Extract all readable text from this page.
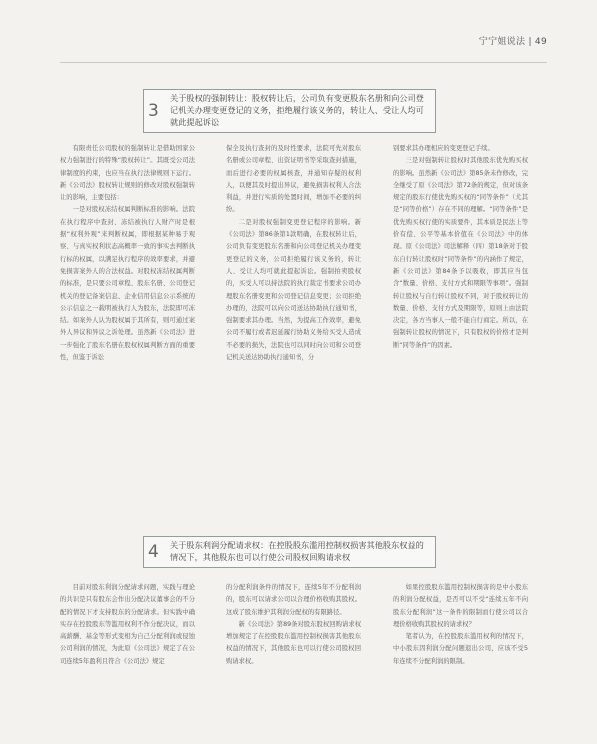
宁宁姐说法 | 49
3
关于股权的强制转让：股权转让后，公司负有变更股东名册和向公司登记机关办理变更登记的义务，拒绝履行该义务的，转让人、受让人均可就此提起诉讼

有限责任公司股权的强制转让是借助国家公权力强制进行的特殊“股权转让”。其既受公司法律制度的约束，也应当在执行法律规则下运行。新《公司法》股权转让规则的修改对股权强制转让的影响，主要包括：

一是对股权冻结权属判断标准的影响。法院在执行程序中查封、冻结被执行人财产时是根据“权利外观”来判断权属，即根据某种易于观察、与真实权利状态高概率一致的事实去判断执行标的权属，以满足执行程序的效率要求，并避免损害案外人的合法权益。对股权冻结权属判断的标准，是只要公司章程、股东名册、公司登记机关的登记备案信息、企业信用信息公示系统的公示信息之一载明被执行人为股东，法院即可冻结。如案外人认为股权属于其所有，则可通过案外人异议和异议之诉处理。虽然新《公司法》进一步强化了股东名册在股权权属判断方面的重要性，但鉴于诉讼

保全及执行查封的及时性要求，法院可先对股东名册或公司章程、出资证明书等采取查封措施，而后进行必要的权属核查，并通知存疑的权利人，以便其及时提出异议，避免损害权利人合法利益，并进行实质的处置时间，增加不必要的纠纷。

二是对股权强制变更登记程序的影响。新《公司法》第86条第1款明确，在股权转让后，公司负有变更股东名册和向公司登记机关办理变更登记的义务，公司拒绝履行该义务的，转让人、受让人均可就此提起诉讼。强制拍卖股权的，买受人可以持法院的执行裁定书要求公司办理股东名册变更和公司登记信息变更；公司拒绝办理的，法院可以向公司送达协助执行通知书，强制要求其办理。当然，为提高工作效率，避免公司不履行或者迟延履行协助义务给买受人造成不必要的损失，法院也可以同时向公司和公司登记机关送达协助执行通知书，分

别要求其办理相应的变更登记手续。

三是对强制转让股权时其他股东优先购买权的影响。虽然新《公司法》第85条未作修改，完全继受了原《公司法》第72条的规定，但对该条规定的股东行使优先购买权的“同等条件”（尤其是“同等价格”）存在不同的理解。“同等条件”是优先购买权行使的实质要件，其本质是民法上等价有偿、公平等基本价值在《公司法》中的体现。原《公司法》司法解释（四）第18条对于股东自行转让股权时“同等条件”的内涵作了规定，新《公司法》第84条予以吸收，即其应当包含“数量、价格、支付方式和期限等事项”。强制转让股权与自行转让股权不同，对于股权转让的数量、价格、支付方式及期限等，原则上由法院决定，各方当事人一般不能自行商定。所以，在强制转让股权的情况下，只有股权的价格才是判断“同等条件”的因素。

4 关于股东利润分配请求权：在控股股东滥用控制权损害其他股东权益的情况下，其他股东也可以行使公司股权回购请求权

目前对股东利润分配请求问题，实践与理论的共识是只有股东会作出分配决议董事会的不分配的情况下才支持股东的分配请求。但实践中确实存在控股股东等滥用权利不作分配决议，而以高薪酬、基金等形式变相为自己分配利润或侵蚀公司利润的情况，为此原《公司法》规定了在公司连续5年盈利且符合《公司法》规定

的分配利润条件的情况下，连续5年不分配利润的，股东可以请求公司以合理价格收购其股权。这成了股东维护其利润分配权的有限路径。

新《公司法》第89条对股东股权回购请求权增加规定了在控股股东滥用控制权损害其他股东权益的情况下，其他股东也可以行使公司股权回购请求权。

如果控股股东滥用控制权损害的是中小股东的利润分配权益，是否可以不受“连续五年不向股东分配利润”这一条件的限制而行使公司以合理价格收购其股权的请求权？

笔者认为，在控股股东滥用权利的情况下，中小股东因利润分配问题退出公司，应该不受5年连续不分配利润的限制。
